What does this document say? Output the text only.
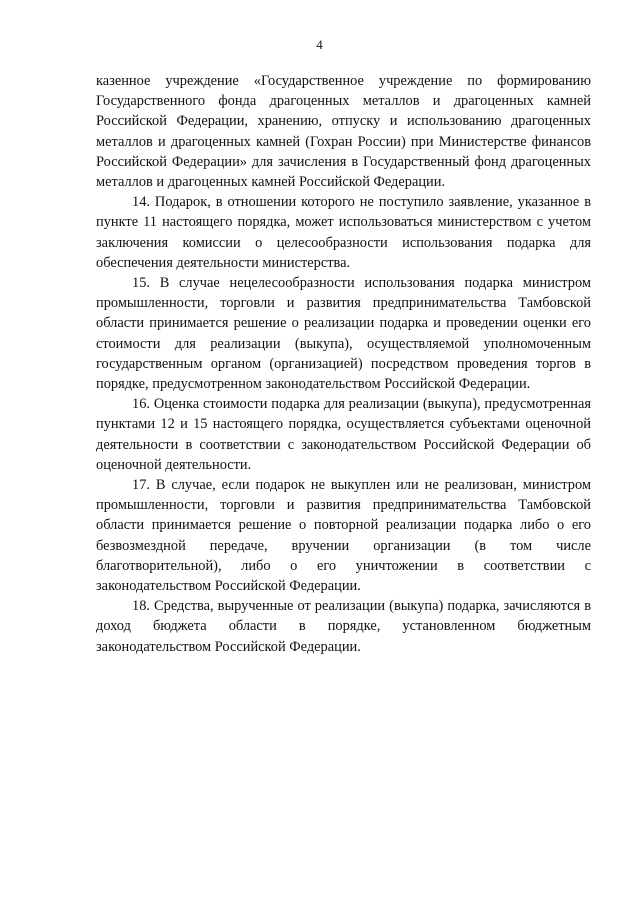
4

казенное учреждение «Государственное учреждение по формированию Государственного фонда драгоценных металлов и драгоценных камней Российской Федерации, хранению, отпуску и использованию драгоценных металлов и драгоценных камней (Гохран России) при Министерстве финансов Российской Федерации» для зачисления в Государственный фонд драгоценных металлов и драгоценных камней Российской Федерации.

14. Подарок, в отношении которого не поступило заявление, указанное в пункте 11 настоящего порядка, может использоваться министерством с учетом заключения комиссии о целесообразности использования подарка для обеспечения деятельности министерства.

15. В случае нецелесообразности использования подарка министром промышленности, торговли и развития предпринимательства Тамбовской области принимается решение о реализации подарка и проведении оценки его стоимости для реализации (выкупа), осуществляемой уполномоченным государственным органом (организацией) посредством проведения торгов в порядке, предусмотренном законодательством Российской Федерации.

16. Оценка стоимости подарка для реализации (выкупа), предусмотренная пунктами 12 и 15 настоящего порядка, осуществляется субъектами оценочной деятельности в соответствии с законодательством Российской Федерации об оценочной деятельности.

17. В случае, если подарок не выкуплен или не реализован, министром промышленности, торговли и развития предпринимательства Тамбовской области принимается решение о повторной реализации подарка либо о его безвозмездной передаче, вручении организации (в том числе благотворительной), либо о его уничтожении в соответствии с законодательством Российской Федерации.

18. Средства, вырученные от реализации (выкупа) подарка, зачисляются в доход бюджета области в порядке, установленном бюджетным законодательством Российской Федерации.
